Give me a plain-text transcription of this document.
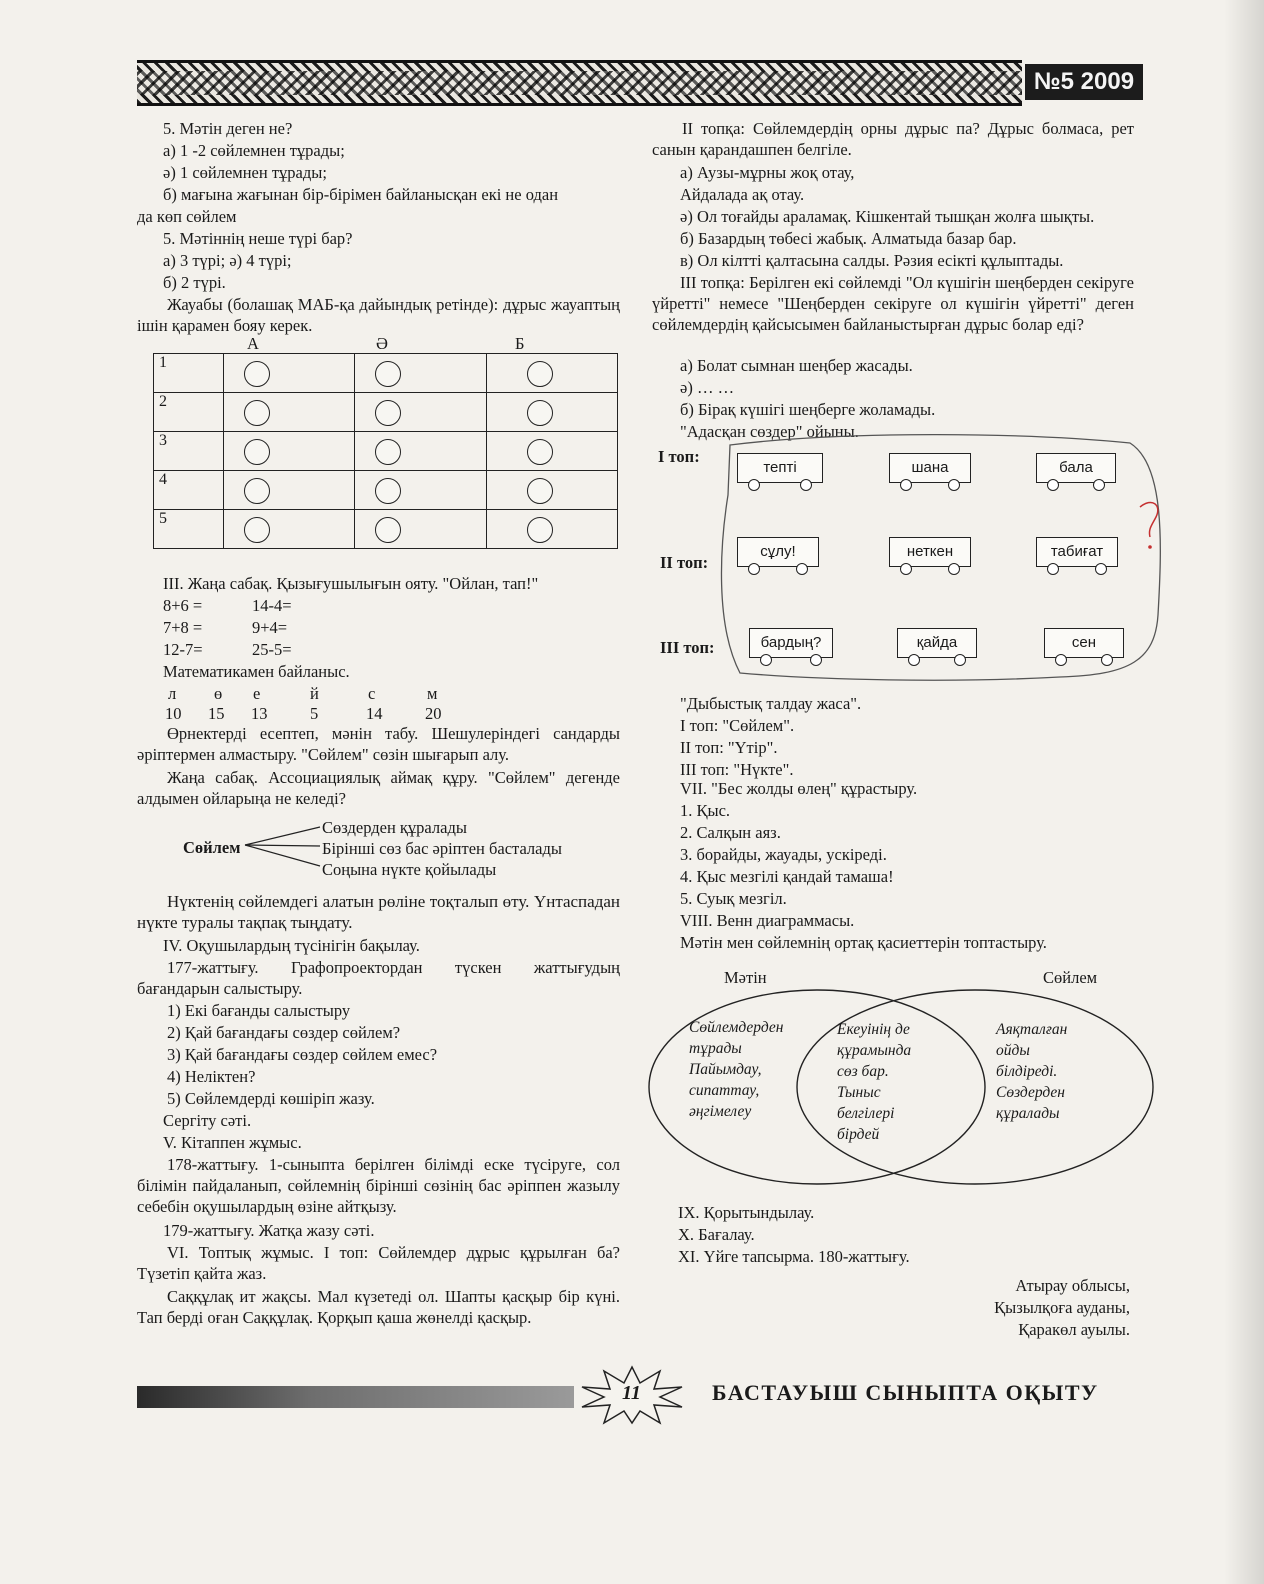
№5 2009
5. Мәтін деген не?
а) 1 -2 сөйлемнен тұрады;
ә) 1 сөйлемнен тұрады;
б) мағына жағынан бір-бірімен байланысқан екі не одан
да көп сөйлем
5. Мәтіннің неше түрі бар?
а) 3 түрі; ә) 4 түрі;
б) 2 түрі.
Жауабы (болашақ МАБ-қа дайындық ретінде): дұрыс жауаптың ішін қарамен бояу керек.
А	Ә	Б
1	

2	

3	

4	

5	

III. Жаңа сабақ. Қызығушылығын ояту. "Ойлан, тап!"
8+6 =	14-4=
7+8 =	9+4=
12-7=	25-5=
Математикамен байланыс.
л ө е	й	с	м
10 15 13	5	14	20
Өрнектерді есептеп, мәнін табу. Шешулеріндегі сандарды әріптермен алмастыру. "Сөйлем" сөзін шығарып алу.
Жаңа сабақ. Ассоциациялық аймақ құру. "Сөйлем" дегенде алдымен ойларыңа не келеді?
Сөйлем
Сөздерден құралады
Бірінші сөз бас әріптен басталады
Соңына нүкте қойылады
Нүктенің сөйлемдегі алатын рөліне тоқталып өту. Үнтаспадан нүкте туралы тақпақ тыңдату.
IV. Оқушылардың түсінігін бақылау.
177-жаттығу. Графопроектордан түскен жаттығудың бағандарын салыстыру.
1) Екі бағанды салыстыру
2) Қай бағандағы сөздер сөйлем?
3) Қай бағандағы сөздер сөйлем емес?
4) Неліктен?
5) Сөйлемдерді көшіріп жазу.
Сергіту сәті.
V. Кітаппен жұмыс.
178-жаттығу. 1-сыныпта берілген білімді еске түсіруге, сол білімін пайдаланып, сөйлемнің бірінші сөзінің бас әріппен жазылу себебін оқушылардың өзіне айтқызу.
179-жаттығу. Жатқа жазу сәті.
VI. Топтық жұмыс. I топ: Сөйлемдер дұрыс құрылған ба? Түзетіп қайта жаз.
Саққұлақ ит жақсы. Мал күзетеді ол. Шапты қасқыр бір күні. Тап берді оған Саққұлақ. Қорқып қаша жөнелді қасқыр.
II топқа: Сөйлемдердің орны дұрыс па? Дұрыс болмаса, рет санын қарандашпен белгіле.
а) Аузы-мұрны жоқ отау,
Айдалада ақ отау.
ә) Ол тоғайды араламақ. Кішкентай тышқан жолға шықты.
б) Базардың төбесі жабық. Алматыда базар бар.
в) Ол кілтті қалтасына салды. Рәзия есікті құлыптады.
III топқа: Берілген екі сөйлемді "Ол күшігін шеңберден секіруге үйретті" немесе "Шеңберден секіруге ол күшігін үйретті" деген сөйлемдердің қайсысымен байланыстырған дұрыс болар еді?
а) Болат сымнан шеңбер жасады.
ә) … …
б) Бірақ күшігі шеңберге жоламады.
"Адасқан сөздер" ойыны.
I топ:
тепті	шана	бала
II топ:
сұлу!	неткен	табиғат
III топ:	бардың?	қайда	сен
"Дыбыстық талдау жаса".
I топ: "Сөйлем".
II топ: "Үтір".
III топ: "Нүкте".
VII. "Бес жолды өлең" құрастыру.
1. Қыс.
2. Салқын аяз.
3. борайды, жауады, ускіреді.
4. Қыс мезгілі қандай тамаша!
5. Суық мезгіл.
VIII. Венн диаграммасы.
Мәтін мен сөйлемнің ортақ қасиеттерін топтастыру.
Мәтін	Сөйлем
Сөйлемдерден
тұрады
Пайымдау,
сипаттау,
әңгімелеу
Екеуінің де
құрамында
сөз бар.
Тыныс
белгілері
бірдей
Аяқталған
ойды
білдіреді.
Сөздерден
құралады
IX. Қорытындылау.
X. Бағалау.
XI. Үйге тапсырма. 180-жаттығу.
Атырау облысы,
Қызылқоға ауданы,
Қаракөл ауылы.
11	БАСТАУЫШ СЫНЫПТА ОҚЫТУ
